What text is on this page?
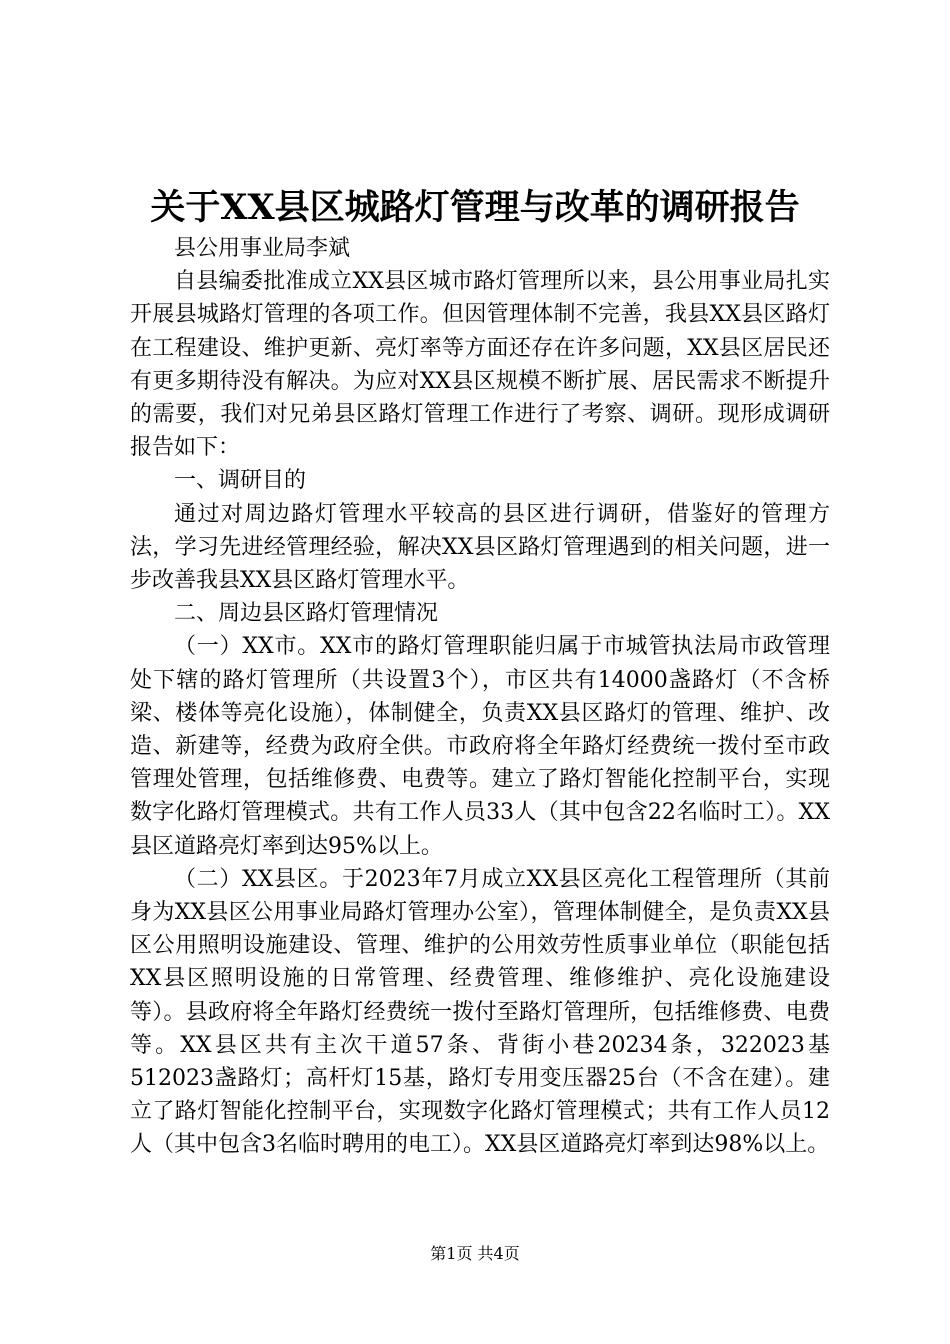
关于XX县区城路灯管理与改革的调研报告

县公用事业局李斌

自县编委批准成立XX县区城市路灯管理所以来，县公用事业局扎实开展县城路灯管理的各项工作。但因管理体制不完善，我县XX县区路灯在工程建设、维护更新、亮灯率等方面还存在许多问题，XX县区居民还有更多期待没有解决。为应对XX县区规模不断扩展、居民需求不断提升的需要，我们对兄弟县区路灯管理工作进行了考察、调研。现形成调研报告如下：

一、调研目的

通过对周边路灯管理水平较高的县区进行调研，借鉴好的管理方法，学习先进经管理经验，解决XX县区路灯管理遇到的相关问题，进一步改善我县XX县区路灯管理水平。

二、周边县区路灯管理情况

（一）XX市。XX市的路灯管理职能归属于市城管执法局市政管理处下辖的路灯管理所（共设置3个），市区共有14000盏路灯（不含桥梁、楼体等亮化设施），体制健全，负责XX县区路灯的管理、维护、改造、新建等，经费为政府全供。市政府将全年路灯经费统一拨付至市政管理处管理，包括维修费、电费等。建立了路灯智能化控制平台，实现数字化路灯管理模式。共有工作人员33人（其中包含22名临时工）。XX县区道路亮灯率到达95%以上。

（二）XX县区。于2023年7月成立XX县区亮化工程管理所（其前身为XX县区公用事业局路灯管理办公室），管理体制健全，是负责XX县区公用照明设施建设、管理、维护的公用效劳性质事业单位（职能包括XX县区照明设施的日常管理、经费管理、维修维护、亮化设施建设等）。县政府将全年路灯经费统一拨付至路灯管理所，包括维修费、电费等。XX县区共有主次干道57条、背街小巷20234条，322023基512023盏路灯；高杆灯15基，路灯专用变压器25台（不含在建）。建立了路灯智能化控制平台，实现数字化路灯管理模式；共有工作人员12人（其中包含3名临时聘用的电工）。XX县区道路亮灯率到达98%以上。

第1页 共4页
